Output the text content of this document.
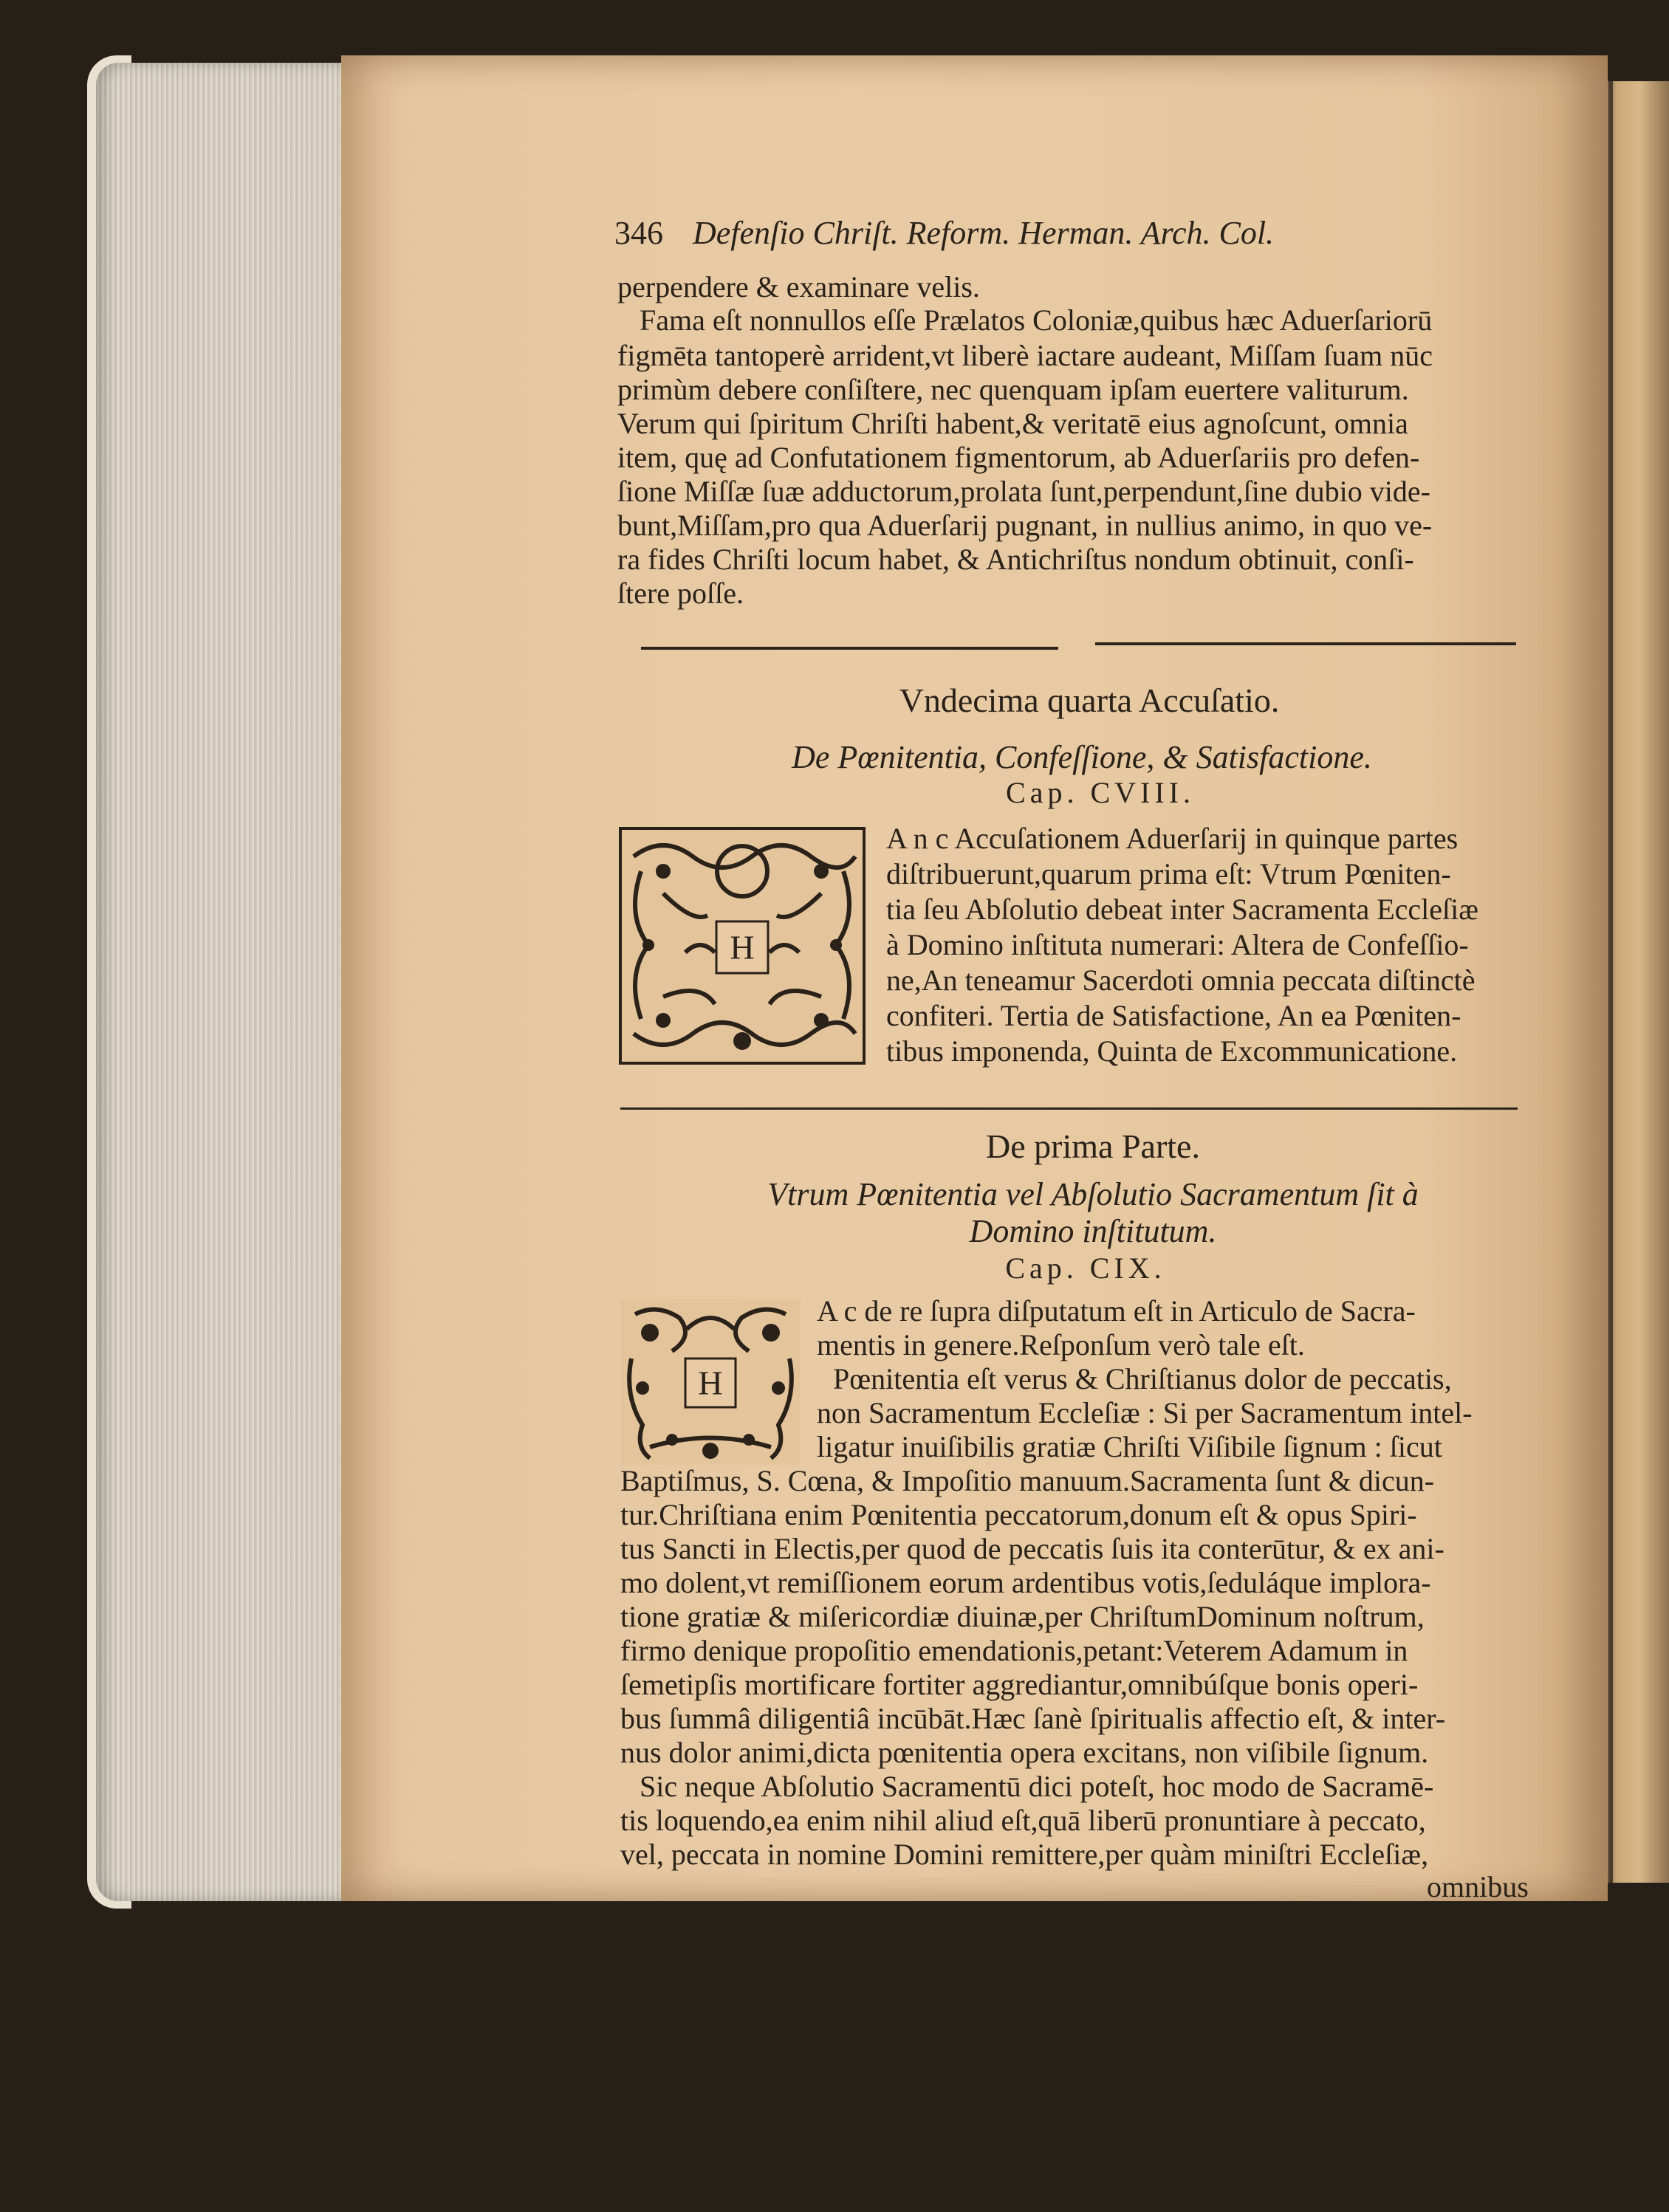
346 Defenſio Chriſt. Reform. Herman. Arch. Col.
perpendere & examinare velis.
Fama eſt nonnullos eſſe Prælatos Coloniæ,quibus hæc Aduerſariorū
figmēta tantoperè arrident,vt liberè iactare audeant, Miſſam ſuam nūc
primùm debere conſiſtere, nec quenquam ipſam euertere valiturum.
Verum qui ſpiritum Chriſti habent,& veritatē eius agnoſcunt, omnia
item, quę ad Confutationem figmentorum, ab Aduerſariis pro defen-
ſione Miſſæ ſuæ adductorum,prolata ſunt,perpendunt,ſine dubio vide-
bunt,Miſſam,pro qua Aduerſarij pugnant, in nullius animo, in quo ve-
ra fides Chriſti locum habet, & Antichriſtus nondum obtinuit, conſi-
ſtere poſſe.
Vndecima quarta Accuſatio.
De Pœnitentia, Confeſſione, & Satisfactione.
Cap. CVIII.
H
A n c Accuſationem Aduerſarij in quinque partes
diſtribuerunt,quarum prima eſt: Vtrum Pœniten-
tia ſeu Abſolutio debeat inter Sacramenta Eccleſiæ
à Domino inſtituta numerari: Altera de Confeſſio-
ne,An teneamur Sacerdoti omnia peccata diſtinctè
confiteri. Tertia de Satisfactione, An ea Pœniten-
tibus imponenda, Quinta de Excommunicatione.
De prima Parte.
Vtrum Pœnitentia vel Abſolutio Sacramentum ſit à
Domino inſtitutum.
Cap. CIX.
H
A c de re ſupra diſputatum eſt in Articulo de Sacra-
mentis in genere.Reſponſum verò tale eſt.
Pœnitentia eſt verus & Chriſtianus dolor de peccatis,
non Sacramentum Eccleſiæ : Si per Sacramentum intel-
ligatur inuiſibilis gratiæ Chriſti Viſibile ſignum : ſicut
Baptiſmus, S. Cœna, & Impoſitio manuum.Sacramenta ſunt & dicun-
tur.Chriſtiana enim Pœnitentia peccatorum,donum eſt & opus Spiri-
tus Sancti in Electis,per quod de peccatis ſuis ita conterūtur, & ex ani-
mo dolent,vt remiſſionem eorum ardentibus votis,ſeduláque implora-
tione gratiæ & miſericordiæ diuinæ,per ChriſtumDominum noſtrum,
firmo denique propoſitio emendationis,petant:Veterem Adamum in
ſemetipſis mortificare fortiter aggrediantur,omnibúſque bonis operi-
bus ſummâ diligentiâ incūbāt.Hæc ſanè ſpiritualis affectio eſt, & inter-
nus dolor animi,dicta pœnitentia opera excitans, non viſibile ſignum.
Sic neque Abſolutio Sacramentū dici poteſt, hoc modo de Sacramē-
tis loquendo,ea enim nihil aliud eſt,quā liberū pronuntiare à peccato,
vel, peccata in nomine Domini remittere,per quàm miniſtri Eccleſiæ,
omnibus
